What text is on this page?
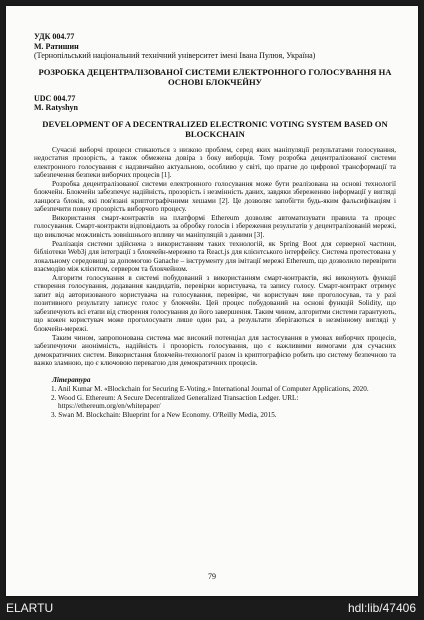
УДК 004.77
М. Ратишин
(Тернопільський національний технічний університет імені Івана Пулюя, Україна)
РОЗРОБКА ДЕЦЕНТРАЛІЗОВАНОЇ СИСТЕМИ ЕЛЕКТРОННОГО ГОЛОСУВАННЯ НА ОСНОВІ БЛОКЧЕЙНУ
UDC 004.77
M. Ratyshyn
DEVELOPMENT OF A DECENTRALIZED ELECTRONIC VOTING SYSTEM BASED ON BLOCKCHAIN

Сучасні виборчі процеси стикаються з низкою проблем, серед яких маніпуляції результатами голосування, недостатня прозорість, а також обмежена довіра з боку виборців. Тому розробка децентралізованої системи електронного голосування є надзвичайно актуальною, особливо у світі, що прагне до цифрової трансформації та забезпечення безпеки виборчих процесів [1].

Розробка децентралізованої системи електронного голосування може бути реалізована на основі технології блокчейн. Блокчейн забезпечує надійність, прозорість і незмінність даних, завдяки збереженню інформації у вигляді ланцюга блоків, які пов'язані криптографічними хешами [2]. Це дозволяє запобігти будь-яким фальсифікаціям і забезпечити повну прозорість виборчого процесу.

Використання смарт-контрактів на платформі Ethereum дозволяє автоматизувати правила та процес голосування. Смарт-контракти відповідають за обробку голосів і збереження результатів у децентралізованій мережі, що виключає можливість зовнішнього впливу чи маніпуляцій з даними [3].

Реалізація системи здійснена з використанням таких технологій, як Spring Boot для серверної частини, бібліотеки Web3j для інтеграції з блокчейн-мережею та React.js для клієнтського інтерфейсу. Система протестована у локальному середовищі за допомогою Ganache – інструменту для імітації мережі Ethereum, що дозволило перевірити взаємодію між клієнтом, сервером та блокчейном.

Алгоритм голосування в системі побудований з використанням смарт-контрактів, які виконують функції створення голосування, додавання кандидатів, перевірки користувача, та запису голосу. Смарт-контракт отримує запит від авторизованого користувача на голосування, перевіряє, чи користувач вже проголосував, та у разі позитивного результату записує голос у блокчейн. Цей процес побудований на основі функцій Solidity, що забезпечують всі етапи від створення голосування до його завершення. Таким чином, алгоритми системи гарантують, що кожен користувач може проголосувати лише один раз, а результати зберігаються в незмінному вигляді у блокчейн-мережі.

Таким чином, запропонована система має високий потенціал для застосування в умовах виборчих процесів, забезпечуючи анонімність, надійність і прозорість голосування, що є важливими вимогами для сучасних демократичних систем. Використання блокчейн-технології разом із криптографією робить цю систему безпечною та важко зламною, що є ключовою перевагою для демократичних процесів.

Література
1. Anil Kumar M. «Blockchain for Securing E-Voting.» International Journal of Computer Applications, 2020.
2. Wood G. Ethereum: A Secure Decentralized Generalized Transaction Ledger. URL: https://ethereum.org/en/whitepaper/
3. Swan M. Blockchain: Blueprint for a New Economy. O'Reilly Media, 2015.
79
ELARTU	hdl:lib/47406
